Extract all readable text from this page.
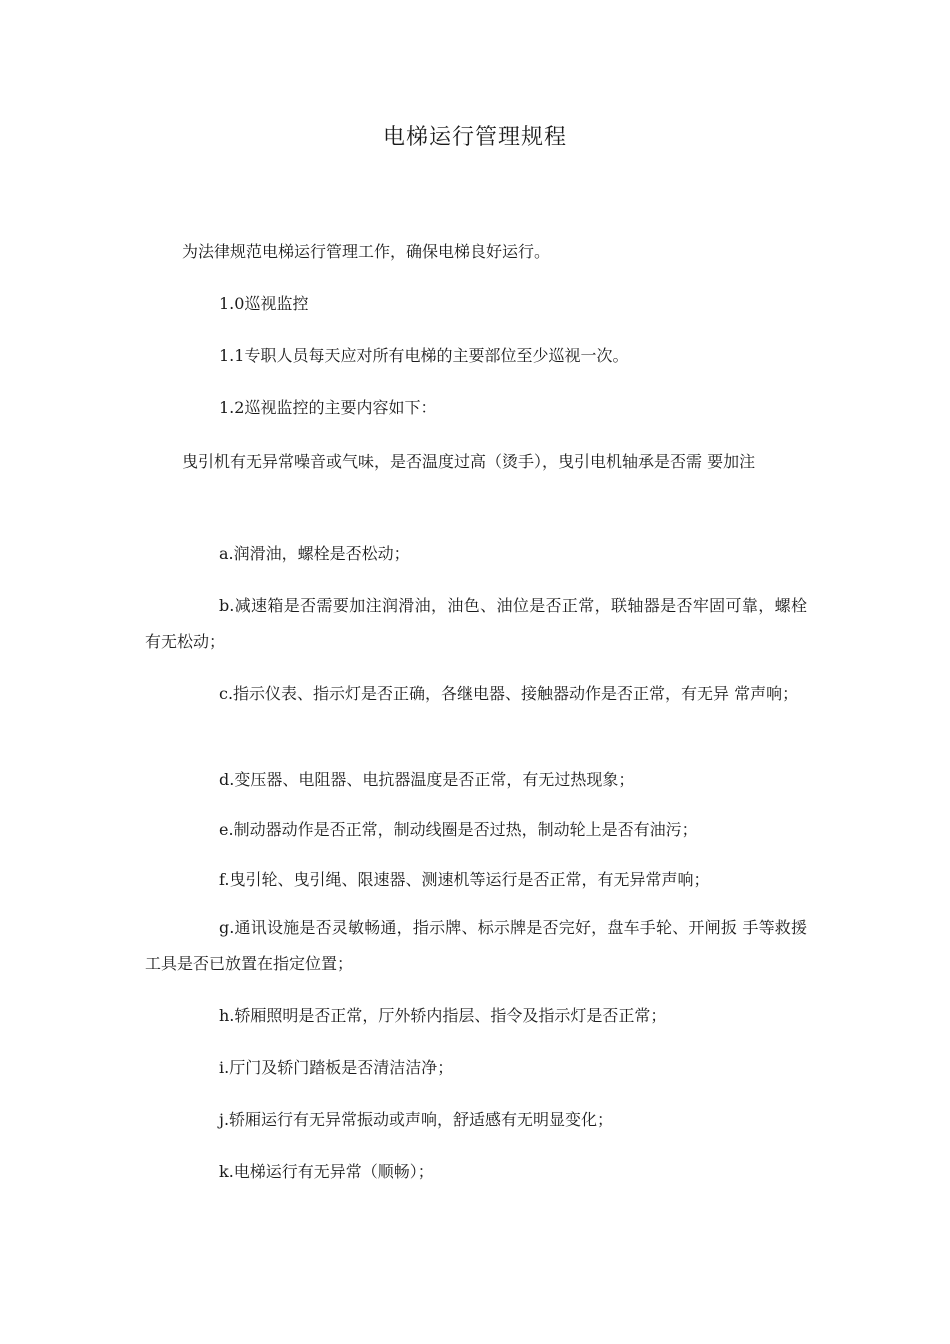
电梯运行管理规程
为法律规范电梯运行管理工作，确保电梯良好运行。
1.0巡视监控
1.1专职人员每天应对所有电梯的主要部位至少巡视一次。
1.2巡视监控的主要内容如下：
曳引机有无异常噪音或气味，是否温度过高（烫手），曳引电机轴承是否需 要加注
a.润滑油，螺栓是否松动；
b.减速箱是否需要加注润滑油，油色、油位是否正常，联轴器是否牢固可靠，螺栓有无松动；
c.指示仪表、指示灯是否正确，各继电器、接触器动作是否正常，有无异 常声响；
d.变压器、电阻器、电抗器温度是否正常，有无过热现象；
e.制动器动作是否正常，制动线圈是否过热，制动轮上是否有油污；
f.曳引轮、曳引绳、限速器、测速机等运行是否正常，有无异常声响；
g.通讯设施是否灵敏畅通，指示牌、标示牌是否完好，盘车手轮、开闸扳 手等救援工具是否已放置在指定位置；
h.轿厢照明是否正常，厅外轿内指层、指令及指示灯是否正常；
i.厅门及轿门踏板是否清洁洁净；
j.轿厢运行有无异常振动或声响，舒适感有无明显变化；
k.电梯运行有无异常（顺畅）；
